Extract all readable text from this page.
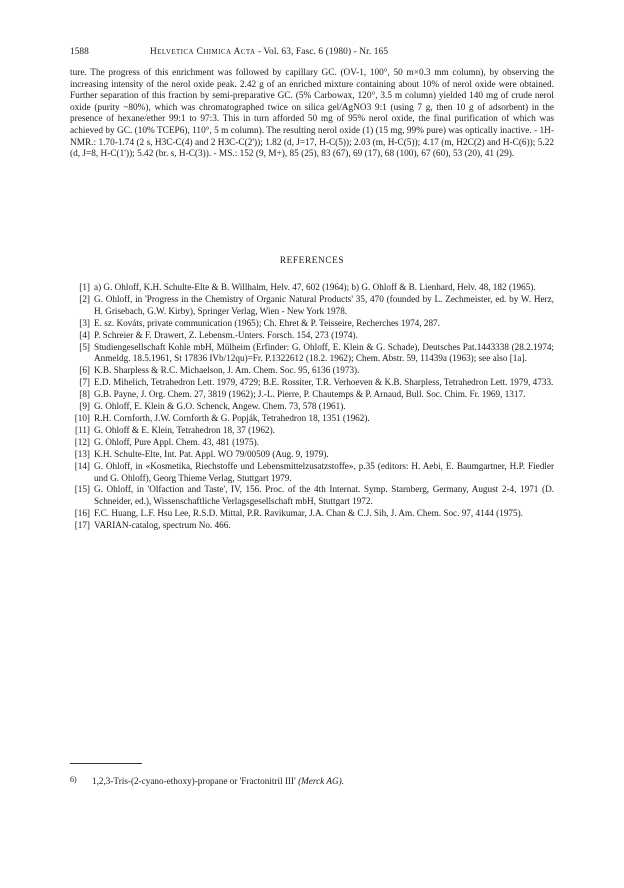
1588	Helvetica Chimica Acta - Vol. 63, Fasc. 6 (1980) - Nr. 165

ture. The progress of this enrichment was followed by capillary GC. (OV-1, 100°, 50 m×0.3 mm column), by observing the increasing intensity of the nerol oxide peak. 2.42 g of an enriched mixture containing about 10% of nerol oxide were obtained. Further separation of this fraction by semi-preparative GC. (5% Carbowax, 120°, 3.5 m column) yielded 140 mg of crude nerol oxide (purity ~80%), which was chromatographed twice on silica gel/AgNO3 9:1 (using 7 g, then 10 g of adsorbent) in the presence of hexane/ether 99:1 to 97:3. This in turn afforded 50 mg of 95% nerol oxide, the final purification of which was achieved by GC. (10% TCEP6), 110°, 5 m column). The resulting nerol oxide (1) (15 mg, 99% pure) was optically inactive. - 1H-NMR.: 1.70-1.74 (2 s, H3C-C(4) and 2 H3C-C(2')); 1.82 (d, J=17, H-C(5)); 2.03 (m, H-C(5)); 4.17 (m, H2C(2) and H-C(6)); 5.22 (d, J=8, H-C(1')); 5.42 (br. s, H-C(3)). - MS.: 152 (9, M+), 85 (25), 83 (67), 69 (17), 68 (100), 67 (60), 53 (20), 41 (29).

REFERENCES
[1] a) G. Ohloff, K.H. Schulte-Elte & B. Willhalm, Helv. 47, 602 (1964); b) G. Ohloff & B. Lienhard, Helv. 48, 182 (1965).
[2] G. Ohloff, in 'Progress in the Chemistry of Organic Natural Products' 35, 470 (founded by L. Zechmeister, ed. by W. Herz, H. Grisebach, G.W. Kirby), Springer Verlag, Wien - New York 1978.
[3] E. sz. Kováts, private communication (1965); Ch. Ehret & P. Teisseire, Recherches 1974, 287.
[4] P. Schreier & F. Drawert, Z. Lebensm.-Unters. Forsch. 154, 273 (1974).
[5] Studiengesellschaft Kohle mbH, Mülheim (Erfinder: G. Ohloff, E. Klein & G. Schade), Deutsches Pat.1443338 (28.2.1974; Anmeldg. 18.5.1961, St 17836 IVb/12qu)=Fr. P.1322612 (18.2. 1962); Chem. Abstr. 59, 11439a (1963); see also [1a].
[6] K.B. Sharpless & R.C. Michaelson, J. Am. Chem. Soc. 95, 6136 (1973).
[7] E.D. Mihelich, Tetrahedron Lett. 1979, 4729; B.E. Rossiter, T.R. Verhoeven & K.B. Sharpless, Tetrahedron Lett. 1979, 4733.
[8] G.B. Payne, J. Org. Chem. 27, 3819 (1962); J.-L. Pierre, P. Chautemps & P. Arnaud, Bull. Soc. Chim. Fr. 1969, 1317.
[9] G. Ohloff, E. Klein & G.O. Schenck, Angew. Chem. 73, 578 (1961).
[10] R.H. Cornforth, J.W. Cornforth & G. Popják, Tetrahedron 18, 1351 (1962).
[11] G. Ohloff & E. Klein, Tetrahedron 18, 37 (1962).
[12] G. Ohloff, Pure Appl. Chem. 43, 481 (1975).
[13] K.H. Schulte-Elte, Int. Pat. Appl. WO 79/00509 (Aug. 9, 1979).
[14] G. Ohloff, in «Kosmetika, Riechstoffe und Lebensmittelzusatzstoffe», p.35 (editors: H. Aebi, E. Baumgartner, H.P. Fiedler und G. Ohloff), Georg Thieme Verlag, Stuttgart 1979.
[15] G. Ohloff, in 'Olfaction and Taste', IV, 156. Proc. of the 4th Internat. Symp. Starnberg, Germany, August 2-4, 1971 (D. Schneider, ed.), Wissenschaftliche Verlagsgesellschaft mbH, Stuttgart 1972.
[16] F.C. Huang, L.F. Hsu Lee, R.S.D. Mittal, P.R. Ravikumar, J.A. Chan & C.J. Sih, J. Am. Chem. Soc. 97, 4144 (1975).
[17] VARIAN-catalog, spectrum No. 466.
6) 1,2,3-Tris-(2-cyano-ethoxy)-propane or 'Fractonitril III' (Merck AG).
